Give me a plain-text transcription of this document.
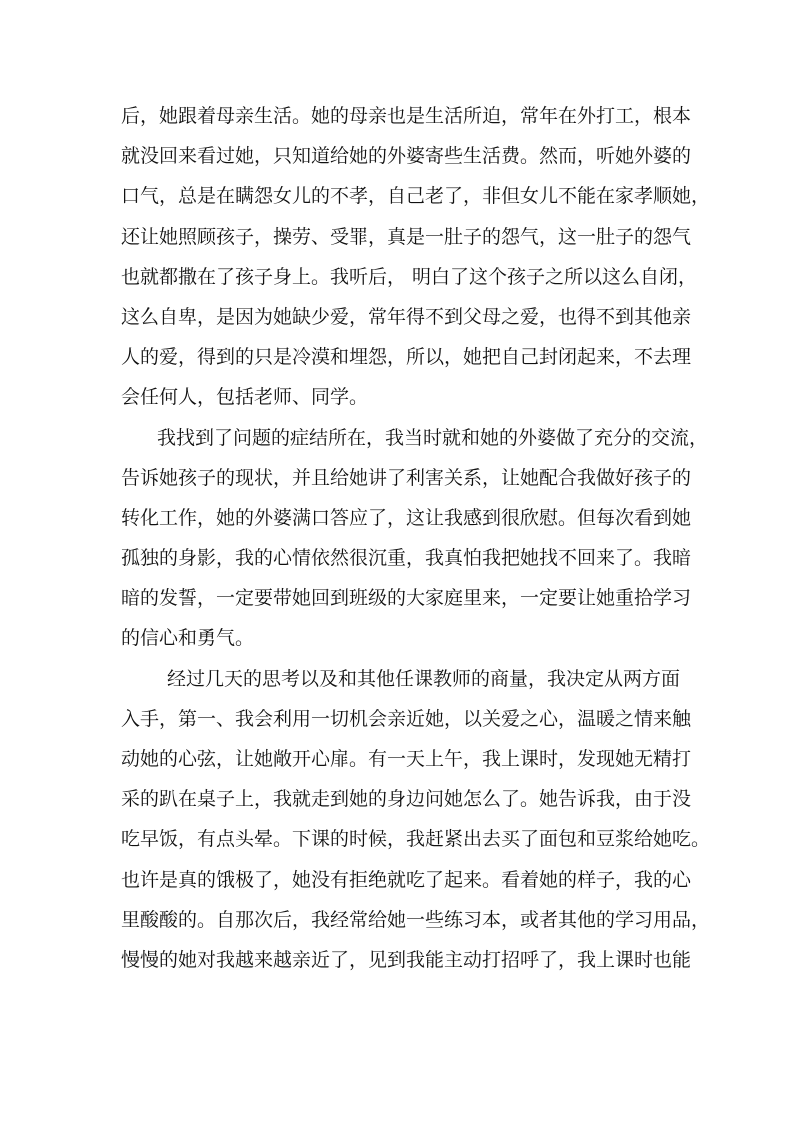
后，她跟着母亲生活。她的母亲也是生活所迫，常年在外打工，根本
就没回来看过她，只知道给她的外婆寄些生活费。然而，听她外婆的
口气，总是在瞒怨女儿的不孝，自己老了，非但女儿不能在家孝顺她，
还让她照顾孩子，操劳、受罪，真是一肚子的怨气，这一肚子的怨气
也就都撒在了孩子身上。我听后， 明白了这个孩子之所以这么自闭，
这么自卑，是因为她缺少爱，常年得不到父母之爱，也得不到其他亲
人的爱，得到的只是冷漠和埋怨，所以，她把自己封闭起来，不去理
会任何人，包括老师、同学。
我找到了问题的症结所在，我当时就和她的外婆做了充分的交流，
告诉她孩子的现状，并且给她讲了利害关系，让她配合我做好孩子的
转化工作，她的外婆满口答应了，这让我感到很欣慰。但每次看到她
孤独的身影，我的心情依然很沉重，我真怕我把她找不回来了。我暗
暗的发誓，一定要带她回到班级的大家庭里来，一定要让她重拾学习
的信心和勇气。
经过几天的思考以及和其他任课教师的商量，我决定从两方面
入手，第一、我会利用一切机会亲近她，以关爱之心，温暖之情来触
动她的心弦，让她敞开心扉。有一天上午，我上课时，发现她无精打
采的趴在桌子上，我就走到她的身边问她怎么了。她告诉我，由于没
吃早饭，有点头晕。下课的时候，我赶紧出去买了面包和豆浆给她吃。
也许是真的饿极了，她没有拒绝就吃了起来。看着她的样子，我的心
里酸酸的。自那次后，我经常给她一些练习本，或者其他的学习用品，
慢慢的她对我越来越亲近了，见到我能主动打招呼了，我上课时也能
